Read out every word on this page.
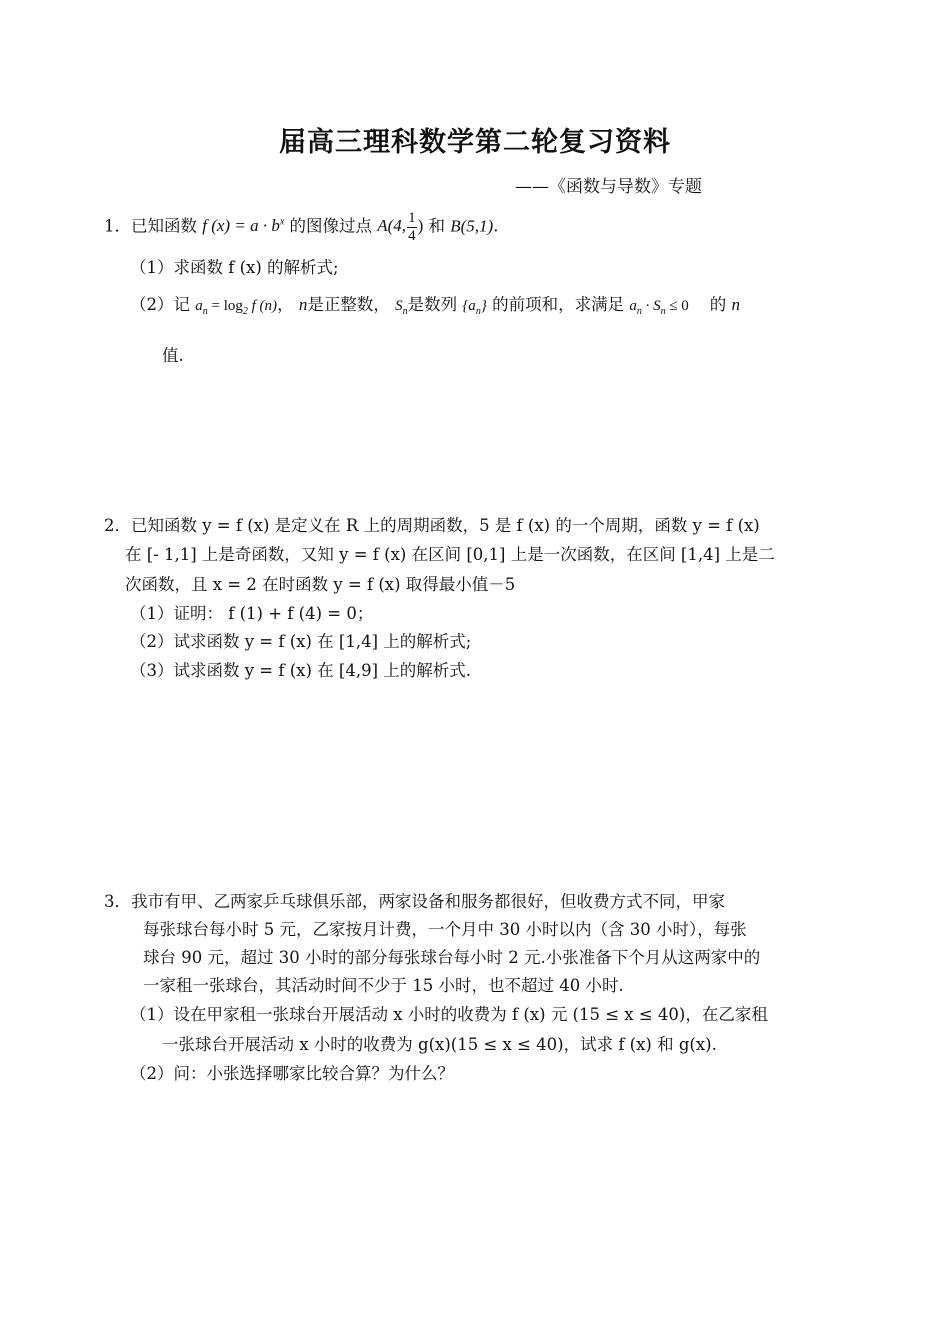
届高三理科数学第二轮复习资料
——《函数与导数》专题
1．已知函数 f $(x) = a \cdot b^x$ 的图像过点 A(4, $\frac{1}{4}$ ) 和 B(5,1).
（1）求函数 f (x) 的解析式;
（2）记 $a_n = \log_2 f$ (n)， n是正整数， $S_n$是数列 $\{a_n\}$ 的前项和，求满足 $a_n \cdot S_n \le 0$ 的 n
值.
2．已知函数 y = f (x) 是定义在 R 上的周期函数，5 是 f (x) 的一个周期，函数 y = f (x)
在 [- 1,1] 上是奇函数，又知 y = f (x) 在区间 [0,1] 上是一次函数，在区间 [1,4] 上是二
次函数，且 x = 2 在时函数 y = f (x) 取得最小值－5
（1）证明： f (1) + f (4) = 0；
（2）试求函数 y = f (x) 在 [1,4] 上的解析式;
（3）试求函数 y = f (x) 在 [4,9] 上的解析式.
3．我市有甲、乙两家乒乓球俱乐部，两家设备和服务都很好，但收费方式不同，甲家
每张球台每小时 5 元，乙家按月计费，一个月中 30 小时以内（含 30 小时），每张
球台 90 元，超过 30 小时的部分每张球台每小时 2 元.小张准备下个月从这两家中的
一家租一张球台，其活动时间不少于 15 小时，也不超过 40 小时.
（1）设在甲家租一张球台开展活动 x 小时的收费为 f (x) 元 (15 ≤ x ≤ 40)，在乙家租
一张球台开展活动 x 小时的收费为 g(x)(15 ≤ x ≤ 40)，试求 f (x) 和 g(x).
（2）问：小张选择哪家比较合算？为什么？
